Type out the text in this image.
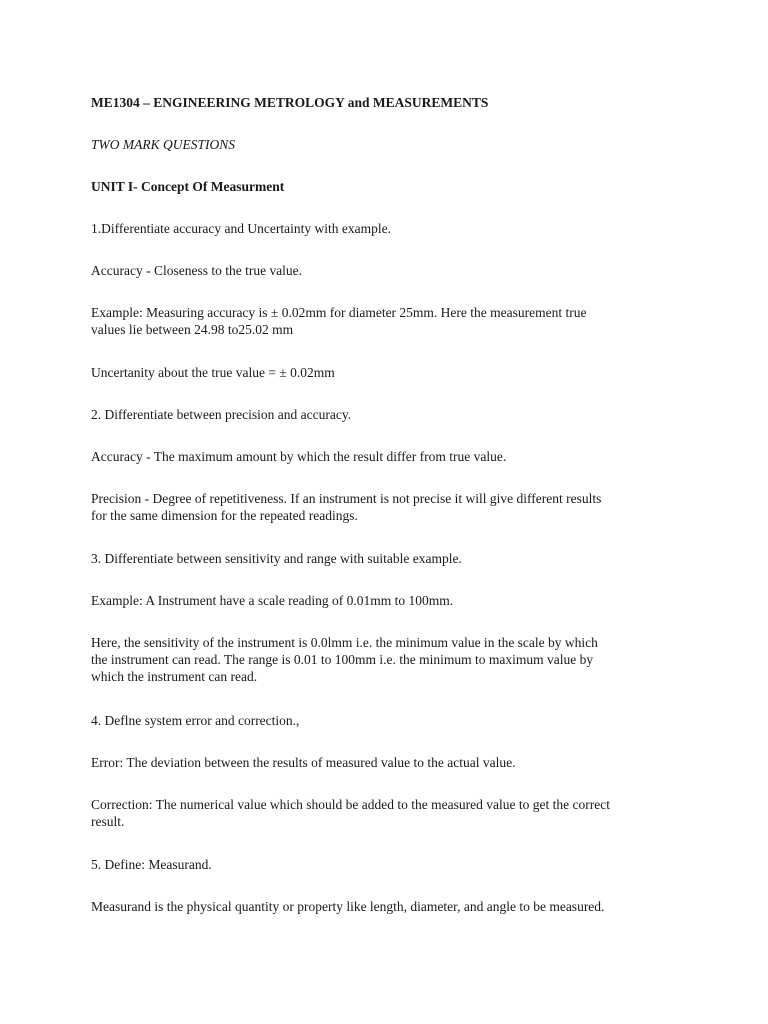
ME1304 – ENGINEERING METROLOGY and MEASUREMENTS

TWO MARK QUESTIONS

UNIT I- Concept Of Measurment

1.Differentiate accuracy and Uncertainty with example.

Accuracy - Closeness to the true value.

Example: Measuring accuracy is ± 0.02mm for diameter 25mm. Here the measurement true
values lie between 24.98 to25.02 mm

Uncertanity about the true value = ± 0.02mm

2. Differentiate between precision and accuracy.

Accuracy - The maximum amount by which the result differ from true value.

Precision - Degree of repetitiveness. If an instrument is not precise it will give different results
for the same dimension for the repeated readings.

3. Differentiate between sensitivity and range with suitable example.

Example: A Instrument have a scale reading of 0.01mm to 100mm.

Here, the sensitivity of the instrument is 0.0lmm i.e. the minimum value in the scale by which
the instrument can read. The range is 0.01 to 100mm i.e. the minimum to maximum value by
which the instrument can read.

4. Deflne system error and correction.,

Error: The deviation between the results of measured value to the actual value.

Correction: The numerical value which should be added to the measured value to get the correct
result.

5. Define: Measurand.

Measurand is the physical quantity or property like length, diameter, and angle to be measured.
